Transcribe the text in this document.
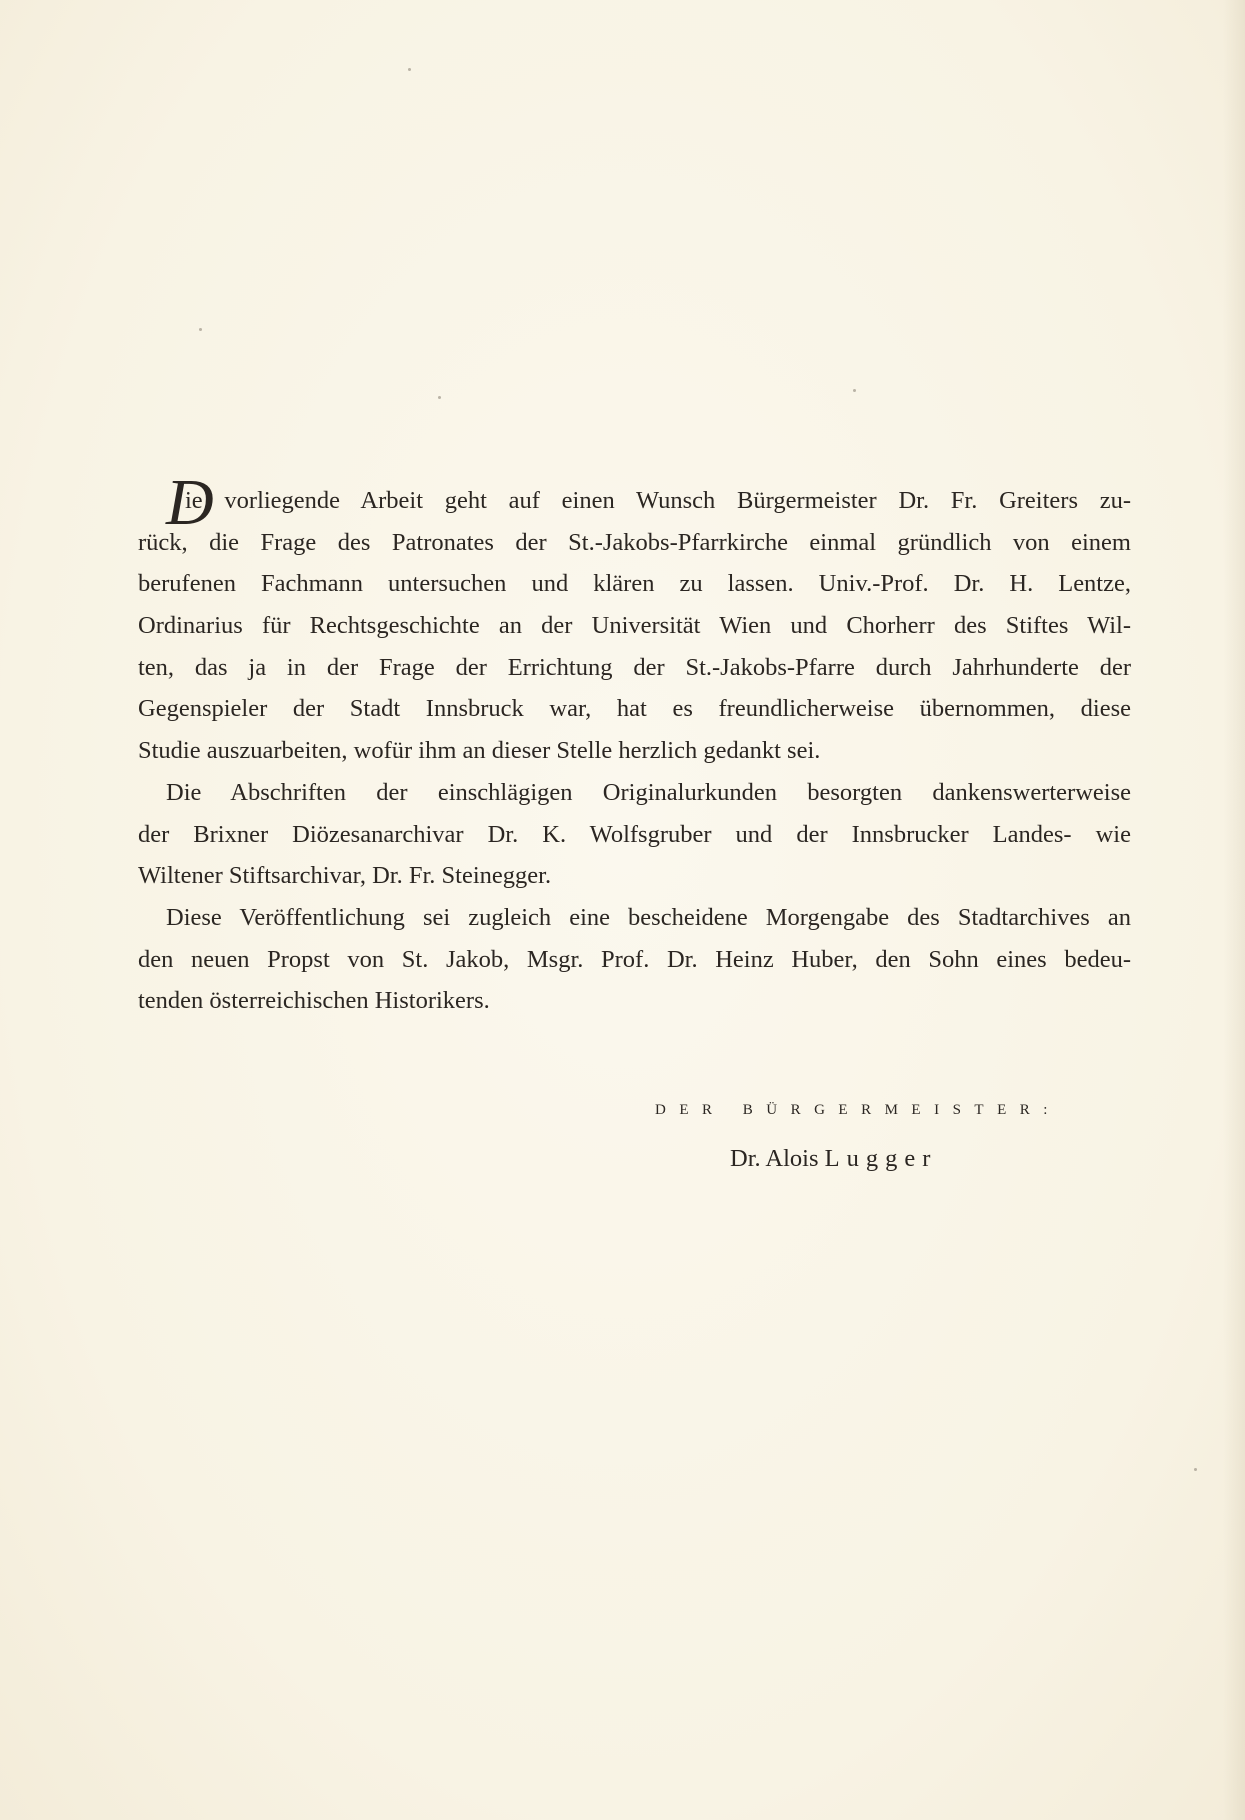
D
ie vorliegende Arbeit geht auf einen Wunsch Bürgermeister Dr. Fr. Greiters zu-
rück, die Frage des Patronates der St.-Jakobs-Pfarrkirche einmal gründlich von einem
berufenen Fachmann untersuchen und klären zu lassen. Univ.-Prof. Dr. H. Lentze,
Ordinarius für Rechtsgeschichte an der Universität Wien und Chorherr des Stiftes Wil-
ten, das ja in der Frage der Errichtung der St.-Jakobs-Pfarre durch Jahrhunderte der
Gegenspieler der Stadt Innsbruck war, hat es freundlicherweise übernommen, diese
Studie auszuarbeiten, wofür ihm an dieser Stelle herzlich gedankt sei.
Die Abschriften der einschlägigen Originalurkunden besorgten dankenswerterweise
der Brixner Diözesanarchivar Dr. K. Wolfsgruber und der Innsbrucker Landes- wie
Wiltener Stiftsarchivar, Dr. Fr. Steinegger.
Diese Veröffentlichung sei zugleich eine bescheidene Morgengabe des Stadtarchives an
den neuen Propst von St. Jakob, Msgr. Prof. Dr. Heinz Huber, den Sohn eines bedeu-
tenden österreichischen Historikers.
DER BÜRGERMEISTER:
Dr. Alois Lugger
